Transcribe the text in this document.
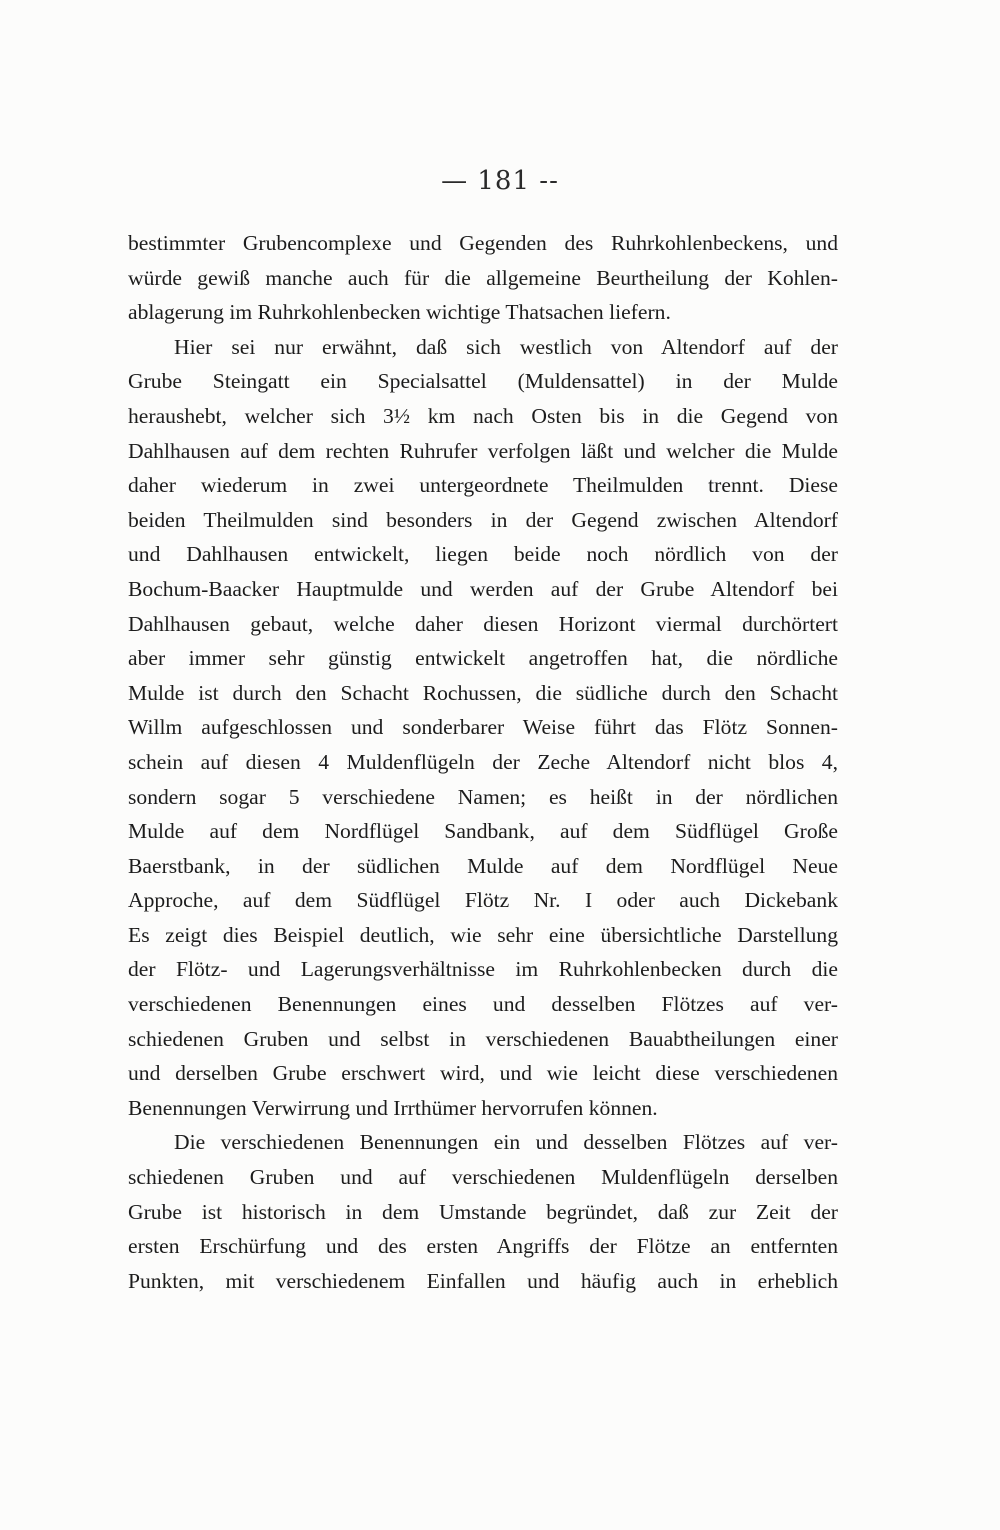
— 181 --
bestimmter Grubencomplexe und Gegenden des Ruhrkohlenbeckens, und
würde gewiß manche auch für die allgemeine Beurtheilung der Kohlen-
ablagerung im Ruhrkohlenbecken wichtige Thatsachen liefern.
Hier sei nur erwähnt, daß sich westlich von Altendorf auf der
Grube Steingatt ein Specialsattel (Muldensattel) in der Mulde
heraushebt, welcher sich 3½ km nach Osten bis in die Gegend von
Dahlhausen auf dem rechten Ruhrufer verfolgen läßt und welcher die Mulde
daher wiederum in zwei untergeordnete Theilmulden trennt. Diese
beiden Theilmulden sind besonders in der Gegend zwischen Altendorf
und Dahlhausen entwickelt, liegen beide noch nördlich von der
Bochum-Baacker Hauptmulde und werden auf der Grube Altendorf bei
Dahlhausen gebaut, welche daher diesen Horizont viermal durchörtert
aber immer sehr günstig entwickelt angetroffen hat, die nördliche
Mulde ist durch den Schacht Rochussen, die südliche durch den Schacht
Willm aufgeschlossen und sonderbarer Weise führt das Flötz Sonnen-
schein auf diesen 4 Muldenflügeln der Zeche Altendorf nicht blos 4,
sondern sogar 5 verschiedene Namen; es heißt in der nördlichen
Mulde auf dem Nordflügel Sandbank, auf dem Südflügel Große
Baerstbank, in der südlichen Mulde auf dem Nordflügel Neue
Approche, auf dem Südflügel Flötz Nr. I oder auch Dickebank
Es zeigt dies Beispiel deutlich, wie sehr eine übersichtliche Darstellung
der Flötz- und Lagerungsverhältnisse im Ruhrkohlenbecken durch die
verschiedenen Benennungen eines und desselben Flötzes auf ver-
schiedenen Gruben und selbst in verschiedenen Bauabtheilungen einer
und derselben Grube erschwert wird, und wie leicht diese verschiedenen
Benennungen Verwirrung und Irrthümer hervorrufen können.
Die verschiedenen Benennungen ein und desselben Flötzes auf ver-
schiedenen Gruben und auf verschiedenen Muldenflügeln derselben
Grube ist historisch in dem Umstande begründet, daß zur Zeit der
ersten Erschürfung und des ersten Angriffs der Flötze an entfernten
Punkten, mit verschiedenem Einfallen und häufig auch in erheblich
